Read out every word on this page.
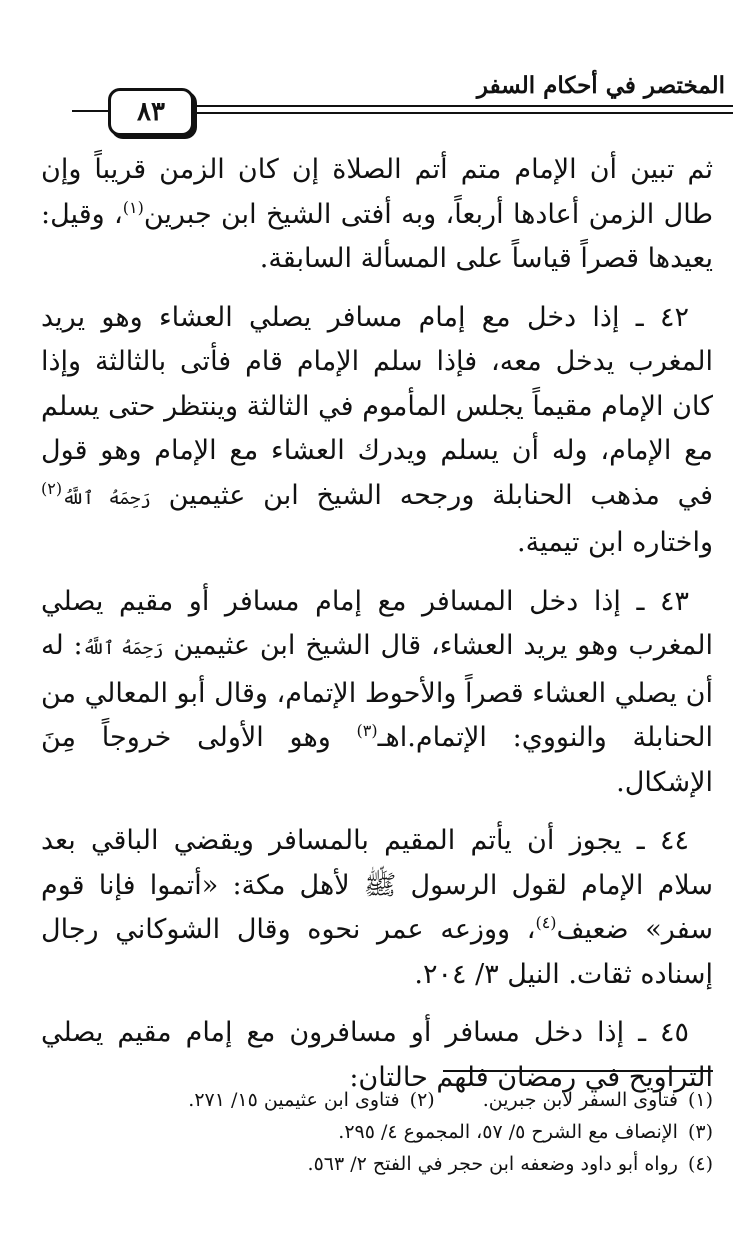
المختصر في أحكام السفر
٨٣

ثم تبين أن الإمام متم أتم الصلاة إن كان الزمن قريباً وإن طال الزمن أعادها أربعاً، وبه أفتى الشيخ ابن جبرين$^{(١)}$، وقيل: يعيدها قصراً قياساً على المسألة السابقة.

٤٢ ـ إذا دخل مع إمام مسافر يصلي العشاء وهو يريد المغرب يدخل معه، فإذا سلم الإمام قام فأتى بالثالثة وإذا كان الإمام مقيماً يجلس المأموم في الثالثة وينتظر حتى يسلم مع الإمام، وله أن يسلم ويدرك العشاء مع الإمام وهو قول في مذهب الحنابلة ورجحه الشيخ ابن عثيمين رَحِمَهُ ٱللَّهُ$^{(٢)}$ واختاره ابن تيمية.

٤٣ ـ إذا دخل المسافر مع إمام مسافر أو مقيم يصلي المغرب وهو يريد العشاء، قال الشيخ ابن عثيمين رَحِمَهُ ٱللَّهُ: له أن يصلي العشاء قصراً والأحوط الإتمام، وقال أبو المعالي من الحنابلة والنووي: الإتمام.اهـ$^{(٣)}$ وهو الأولى خروجاً مِنَ الإشكال.

٤٤ ـ يجوز أن يأتم المقيم بالمسافر ويقضي الباقي بعد سلام الإمام لقول الرسول ﷺ لأهل مكة: «أتموا فإنا قوم سفر» ضعيف$^{(٤)}$، ووزعه عمر نحوه وقال الشوكاني رجال إسناده ثقات. النيل ٣/ ٢٠٤.

٤٥ ـ إذا دخل مسافر أو مسافرون مع إمام مقيم يصلي التراويح في رمضان فلهم حالتان:

(١)فتاوى السفر لابن جبرين.(٢)فتاوى ابن عثيمين ١٥/ ٢٧١.
(٣)الإنصاف مع الشرح ٥/ ٥٧، المجموع ٤/ ٢٩٥.
(٤)رواه أبو داود وضعفه ابن حجر في الفتح ٢/ ٥٦٣.
